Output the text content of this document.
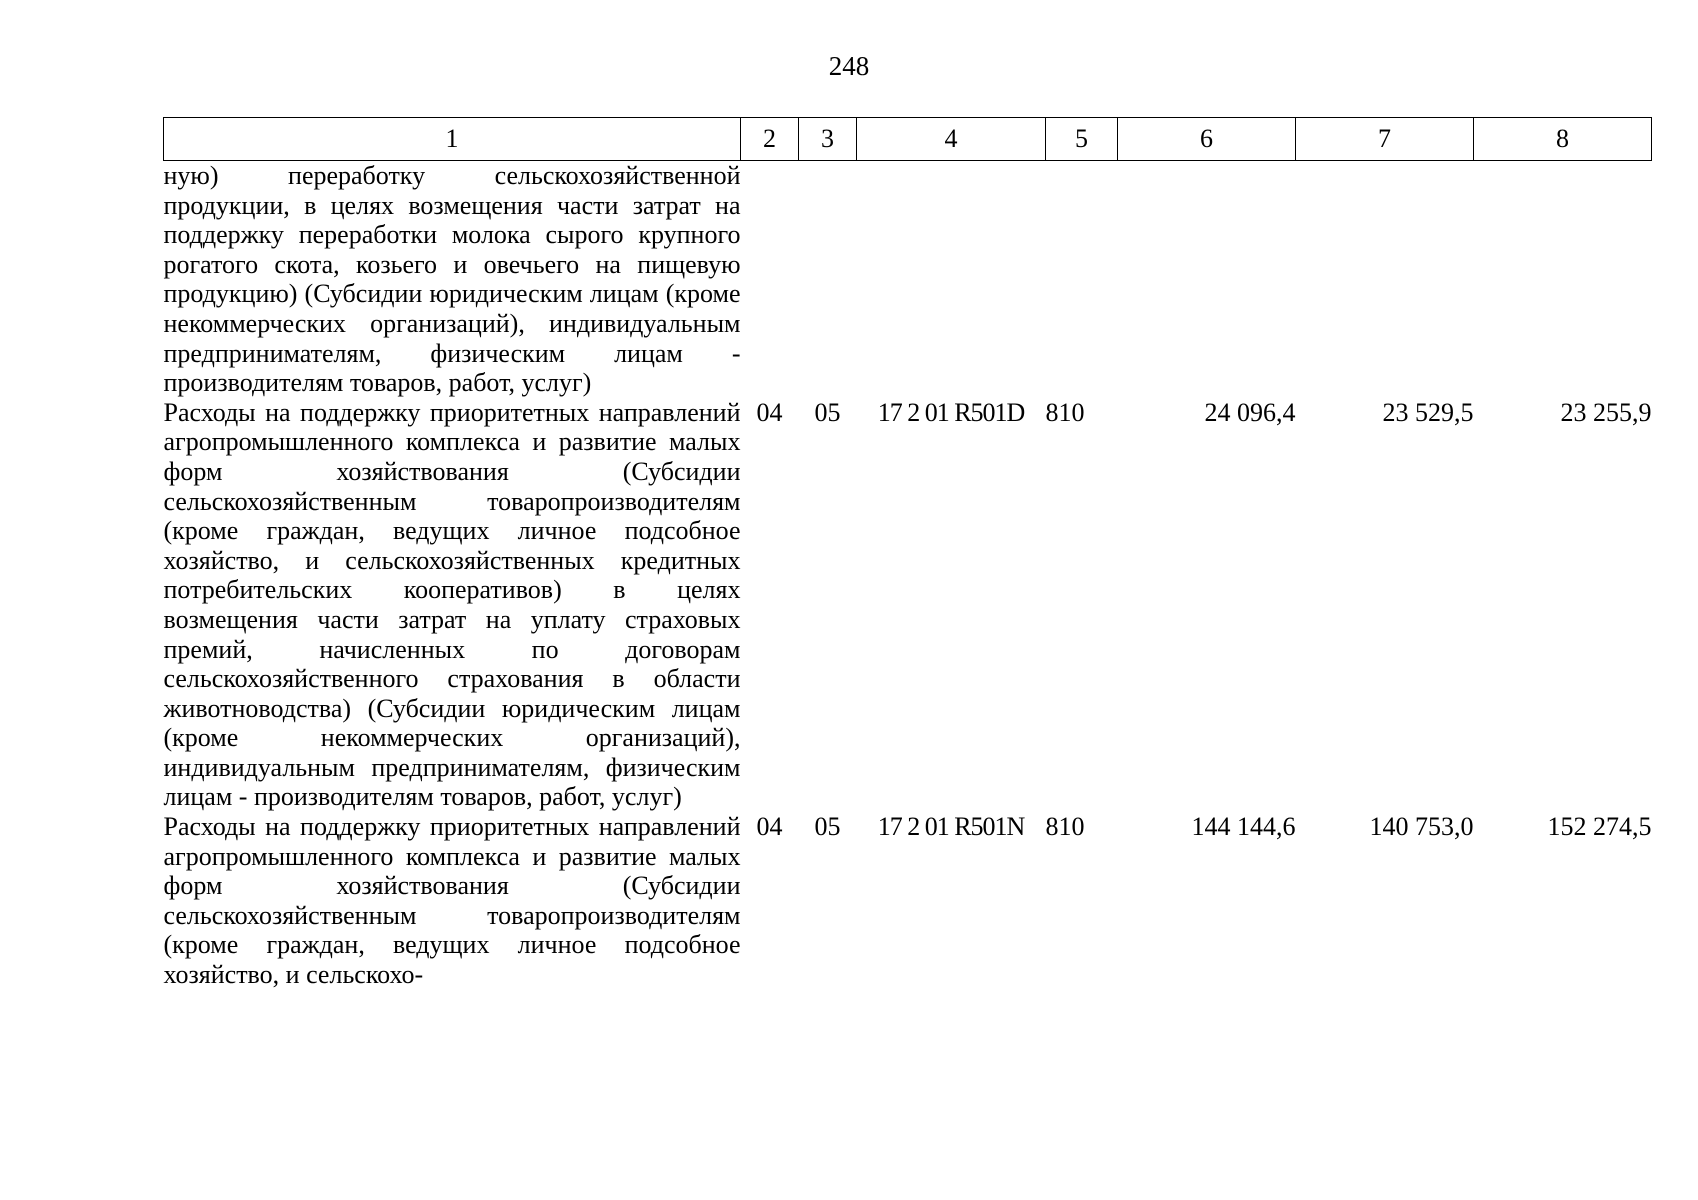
248
1	2	3	4	5	6	7	8
ную) переработку сельскохозяйственной продукции, в целях возмещения части затрат на поддержку переработки молока сырого крупного рогатого скота, козьего и овечьего на пищевую продукцию) (Субсидии юридическим лицам (кроме некоммерческих организаций), индивидуальным предпринимателям, физическим лицам - производителям товаров, работ, услуг)							
Расходы на поддержку приоритетных направлений агропромышленного комплекса и развитие малых форм хозяйствования (Субсидии сельскохозяйственным товаропроизводителям (кроме граждан, ведущих личное подсобное хозяйство, и сельскохозяйственных кредитных потребительских кооперативов) в целях возмещения части затрат на уплату страховых премий, начисленных по договорам сельскохозяйственного страхования в области животноводства) (Субсидии юридическим лицам (кроме некоммерческих организаций), индивидуальным предпринимателям, физическим лицам - производителям товаров, работ, услуг)	04	05	17 2 01 R501D	810	24 096,4	23 529,5	23 255,9
Расходы на поддержку приоритетных направлений агропромышленного комплекса и развитие малых форм хозяйствования (Субсидии сельскохозяйственным товаропроизводителям (кроме граждан, ведущих личное подсобное хозяйство, и сельскохо-	04	05	17 2 01 R501N	810	144 144,6	140 753,0	152 274,5
